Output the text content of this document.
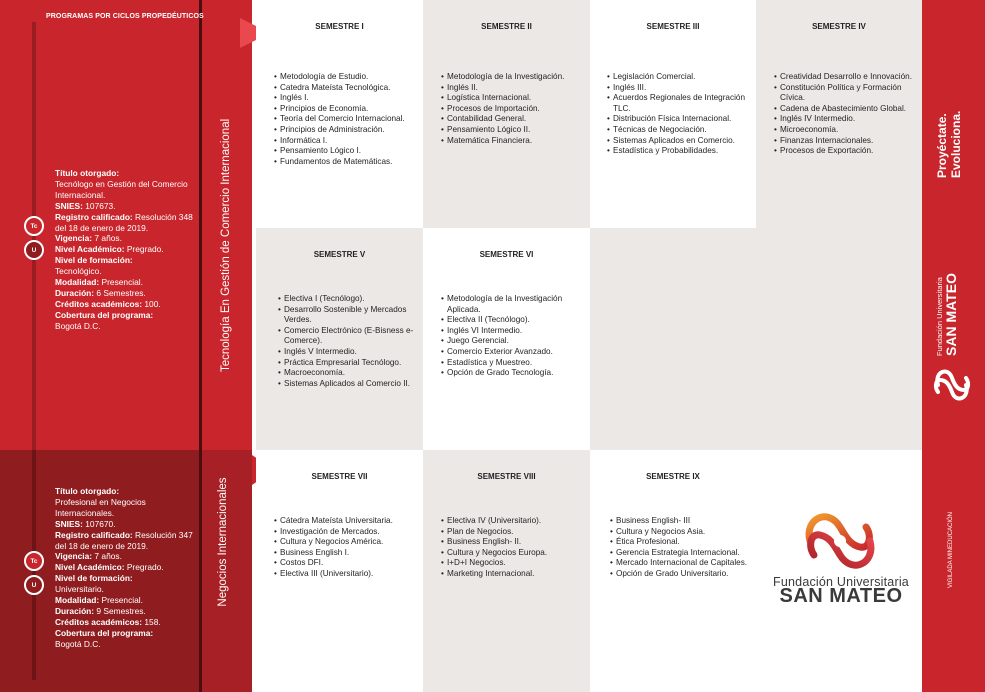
PROGRAMAS POR CICLOS PROPEDÉUTICOS
Título otorgado:
Tecnólogo en Gestión del Comercio Internacional.
SNIES: 107673.
Registro calificado: Resolución 348 del 18 de enero de 2019.
Vigencia: 7 años.
Nivel Académico: Pregrado.
Nivel de formación:
Tecnológico.
Modalidad: Presencial.
Duración: 6 Semestres.
Créditos académicos: 100.
Cobertura del programa:
Bogotá D.C.
Tc
U
Título otorgado:
Profesional en Negocios Internacionales.
SNIES: 107670.
Registro calificado: Resolución 347 del 18 de enero de 2019.
Vigencia: 7 años.
Nivel Académico: Pregrado.
Nivel de formación:
Universitario.
Modalidad: Presencial.
Duración: 9 Semestres.
Créditos académicos: 158.
Cobertura del programa:
Bogotá D.C.
Tc
U
Tecnología En Gestión de Comercio Internacional
Negocios Internacionales
SEMESTRE I
• Metodología de Estudio.
• Catedra Mateísta Tecnológica.
• Inglés I.
• Principios de Economía.
• Teoría del Comercio Internacional.
• Principios de Administración.
• Informática I.
• Pensamiento Lógico I.
• Fundamentos de Matemáticas.
SEMESTRE II
• Metodología de la Investigación.
• Inglés II.
• Logística Internacional.
• Procesos de Importación.
• Contabilidad General.
• Pensamiento Lógico II.
• Matemática Financiera.
SEMESTRE III
• Legislación Comercial.
• Inglés III.
• Acuerdos Regionales de Integración TLC.
• Distribución Física Internacional.
• Técnicas de Negociación.
• Sistemas Aplicados en Comercio.
• Estadística y Probabilidades.
SEMESTRE IV
• Creatividad Desarrollo e Innovación.
• Constitución Política y Formación Cívica.
• Cadena de Abastecimiento Global.
• Inglés IV Intermedio.
• Microeconomía.
• Finanzas Internacionales.
• Procesos de Exportación.
SEMESTRE V
• Electiva I (Tecnólogo).
• Desarrollo Sostenible y Mercados Verdes.
• Comercio Electrónico (E-Bisness e- Comerce).
• Inglés V Intermedio.
• Práctica Empresarial Tecnólogo.
• Macroeconomía.
• Sistemas Aplicados al Comercio II.
SEMESTRE VI
• Metodología de la Investigación Aplicada.
• Electiva II (Tecnólogo).
• Inglés VI Intermedio.
• Juego Gerencial.
• Comercio Exterior Avanzado.
• Estadística y Muestreo.
• Opción de Grado Tecnología.
SEMESTRE VII
• Cátedra Mateísta Universitaria.
• Investigación de Mercados.
• Cultura y Negocios América.
• Business English I.
• Costos DFI.
• Electiva III (Universitario).
SEMESTRE VIII
• Electiva IV (Universitario).
• Plan de Negocios.
• Business English- II.
• Cultura y Negocios Europa.
• I+D+I Negocios.
• Marketing Internacional.
SEMESTRE IX
• Business English- III
• Cultura y Negocios Asia.
• Ética Profesional.
• Gerencia Estrategia Internacional.
• Mercado Internacional de Capitales.
• Opción de Grado Universitario.
Fundación Universitaria
SAN MATEO
Proyéctate. Evoluciona.
Fundación Universitaria SAN MATEO
VIGILADA MINEDUCACIÓN
